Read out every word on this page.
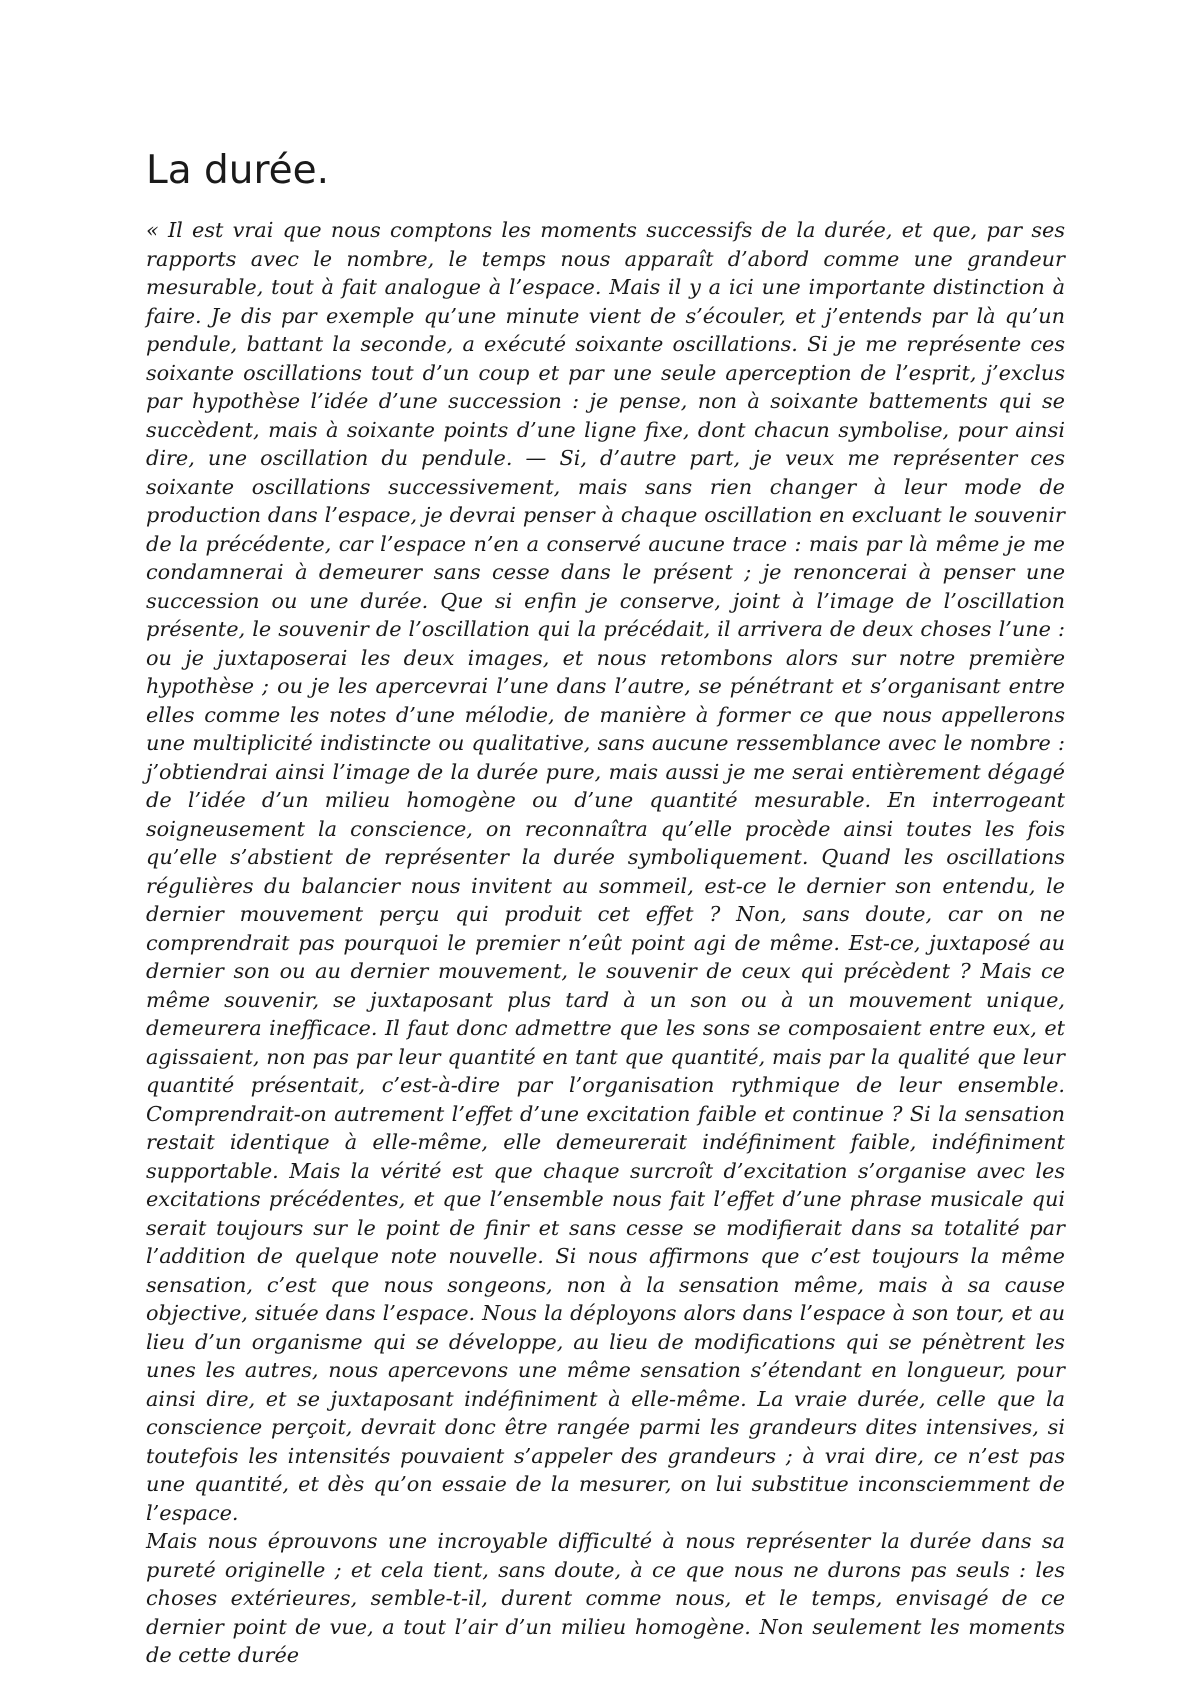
La durée.

« Il est vrai que nous comptons les moments successifs de la durée, et que, par ses rapports avec le nombre, le temps nous apparaît d’abord comme une grandeur mesurable, tout à fait analogue à l’espace. Mais il y a ici une importante distinction à faire. Je dis par exemple qu’une minute vient de s’écouler, et j’entends par là qu’un pendule, battant la seconde, a exécuté soixante oscillations. Si je me représente ces soixante oscillations tout d’un coup et par une seule aperception de l’esprit, j’exclus par hypothèse l’idée d’une succession : je pense, non à soixante battements qui se succèdent, mais à soixante points d’une ligne fixe, dont chacun symbolise, pour ainsi dire, une oscillation du pendule. — Si, d’autre part, je veux me représenter ces soixante oscillations successivement, mais sans rien changer à leur mode de production dans l’espace, je devrai penser à chaque oscillation en excluant le souvenir de la précédente, car l’espace n’en a conservé aucune trace : mais par là même je me condamnerai à demeurer sans cesse dans le présent ; je renoncerai à penser une succession ou une durée. Que si enfin je conserve, joint à l’image de l’oscillation présente, le souvenir de l’oscillation qui la précédait, il arrivera de deux choses l’une : ou je juxtaposerai les deux images, et nous retombons alors sur notre première hypothèse ; ou je les apercevrai l’une dans l’autre, se pénétrant et s’organisant entre elles comme les notes d’une mélodie, de manière à former ce que nous appellerons une multiplicité indistincte ou qualitative, sans aucune ressemblance avec le nombre : j’obtiendrai ainsi l’image de la durée pure, mais aussi je me serai entièrement dégagé de l’idée d’un milieu homogène ou d’une quantité mesurable. En interrogeant soigneusement la conscience, on reconnaîtra qu’elle procède ainsi toutes les fois qu’elle s’abstient de représenter la durée symboliquement. Quand les oscillations régulières du balancier nous invitent au sommeil, est-ce le dernier son entendu, le dernier mouvement perçu qui produit cet effet ? Non, sans doute, car on ne comprendrait pas pourquoi le premier n’eût point agi de même. Est-ce, juxtaposé au dernier son ou au dernier mouvement, le souvenir de ceux qui précèdent ? Mais ce même souvenir, se juxtaposant plus tard à un son ou à un mouvement unique, demeurera inefficace. Il faut donc admettre que les sons se composaient entre eux, et agissaient, non pas par leur quantité en tant que quantité, mais par la qualité que leur quantité présentait, c’est-à-dire par l’organisation rythmique de leur ensemble. Comprendrait-on autrement l’effet d’une excitation faible et continue ? Si la sensation restait identique à elle-même, elle demeurerait indéfiniment faible, indéfiniment supportable. Mais la vérité est que chaque surcroît d’excitation s’organise avec les excitations précédentes, et que l’ensemble nous fait l’effet d’une phrase musicale qui serait toujours sur le point de finir et sans cesse se modifierait dans sa totalité par l’addition de quelque note nouvelle. Si nous affirmons que c’est toujours la même sensation, c’est que nous songeons, non à la sensation même, mais à sa cause objective, située dans l’espace. Nous la déployons alors dans l’espace à son tour, et au lieu d’un organisme qui se développe, au lieu de modifications qui se pénètrent les unes les autres, nous apercevons une même sensation s’étendant en longueur, pour ainsi dire, et se juxtaposant indéfiniment à elle-même. La vraie durée, celle que la conscience perçoit, devrait donc être rangée parmi les grandeurs dites intensives, si toutefois les intensités pouvaient s’appeler des grandeurs ; à vrai dire, ce n’est pas une quantité, et dès qu’on essaie de la mesurer, on lui substitue inconsciemment de l’espace.

Mais nous éprouvons une incroyable difficulté à nous représenter la durée dans sa pureté originelle ; et cela tient, sans doute, à ce que nous ne durons pas seuls : les choses extérieures, semble-t-il, durent comme nous, et le temps, envisagé de ce dernier point de vue, a tout l’air d’un milieu homogène. Non seulement les moments de cette durée
